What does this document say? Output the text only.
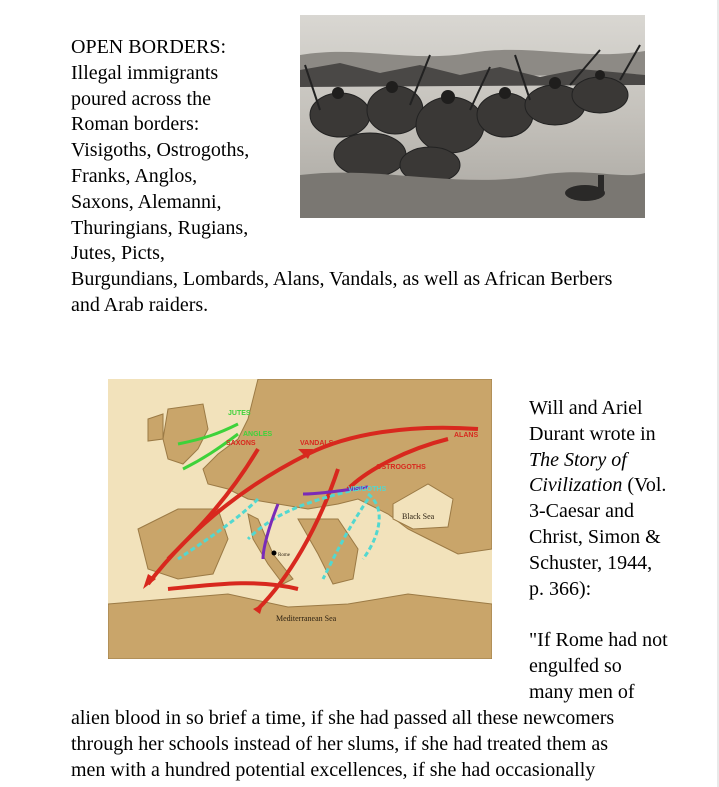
OPEN BORDERS:
Illegal immigrants
poured across the
Roman borders:
Visigoths, Ostrogoths,
Franks, Anglos,
Saxons, Alemanni,
Thuringians, Rugians,
Jutes, Picts,
Burgundians, Lombards, Alans, Vandals, as well as African Berbers
and Arab raiders.
JUTES
ANGLES
SAXONS	VANDALS
ALANS
OSTROGOTHS
VISIGOTHS
Black Sea
Rome
Mediterranean Sea
Will and Ariel
Durant wrote in
The Story of
Civilization (Vol.
3-Caesar and
Christ, Simon &
Schuster, 1944,
p. 366):
"If Rome had not
engulfed so
many men of
alien blood in so brief a time, if she had passed all these newcomers
through her schools instead of her slums, if she had treated them as
men with a hundred potential excellences, if she had occasionally
